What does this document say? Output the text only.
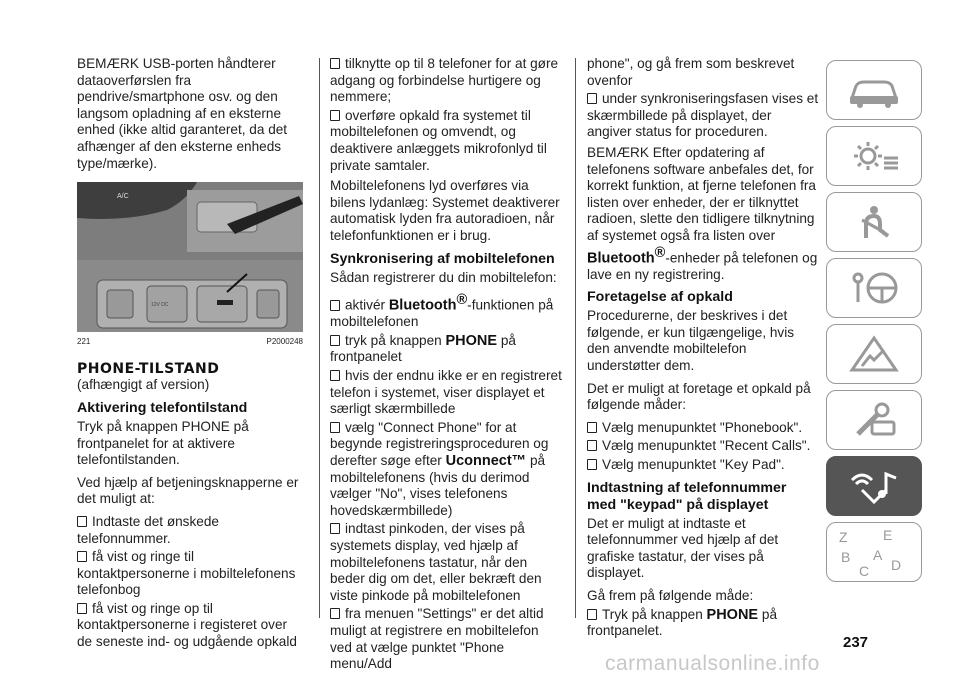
BEMÆRK USB-porten håndterer dataoverførslen fra pendrive/smartphone osv. og den langsom opladning af en eksterne enhed (ikke altid garanteret, da det afhænger af den eksterne enheds type/mærke).

A/C
12V DC
221	P2000248
PHONE-TILSTAND

(afhængigt af version)

Aktivering telefontilstand

Tryk på knappen PHONE på frontpanelet for at aktivere telefontilstanden.

Ved hjælp af betjeningsknapperne er det muligt at:

Indtaste det ønskede telefonnummer.
få vist og ringe til kontaktpersonerne i mobiltelefonens telefonbog
få vist og ringe op til kontaktpersonerne i registeret over de seneste ind- og udgående opkald
tilknytte op til 8 telefoner for at gøre adgang og forbindelse hurtigere og nemmere;
overføre opkald fra systemet til mobiltelefonen og omvendt, og deaktivere anlæggets mikrofonlyd til private samtaler.

Mobiltelefonens lyd overføres via bilens lydanlæg: Systemet deaktiverer automatisk lyden fra autoradioen, når telefonfunktionen er i brug.

Synkronisering af mobiltelefonen

Sådan registrerer du din mobiltelefon:

aktivér Bluetooth®-funktionen på mobiltelefonen
tryk på knappen PHONE på frontpanelet
hvis der endnu ikke er en registreret telefon i systemet, viser displayet et særligt skærmbillede
vælg "Connect Phone" for at begynde registreringsproceduren og derefter søge efter Uconnect™ på mobiltelefonens (hvis du derimod vælger "No", vises telefonens hovedskærmbillede)
indtast pinkoden, der vises på systemets display, ved hjælp af mobiltelefonens tastatur, når den beder dig om det, eller bekræft den viste pinkode på mobiltelefonen
fra menuen "Settings" er det altid muligt at registrere en mobiltelefon ved at vælge punktet "Phone menu/Add

phone", og gå frem som beskrevet ovenfor

under synkroniseringsfasen vises et skærmbillede på displayet, der angiver status for proceduren.

BEMÆRK Efter opdatering af telefonens software anbefales det, for korrekt funktion, at fjerne telefonen fra listen over enheder, der er tilknyttet radioen, slette den tidligere tilknytning af systemet også fra listen over Bluetooth®-enheder på telefonen og lave en ny registrering.

Foretagelse af opkald

Procedurerne, der beskrives i det følgende, er kun tilgængelige, hvis den anvendte mobiltelefon understøtter dem.

Det er muligt at foretage et opkald på følgende måder:

Vælg menupunktet "Phonebook".
Vælg menupunktet "Recent Calls".
Vælg menupunktet "Key Pad".
Indtastning af telefonnummer med "keypad" på displayet

Det er muligt at indtaste et telefonnummer ved hjælp af det grafiske tastatur, der vises på displayet.

Gå frem på følgende måde:

Tryk på knappen PHONE på frontpanelet.
Z	E
B A
C D
237
carmanualsonline.info
